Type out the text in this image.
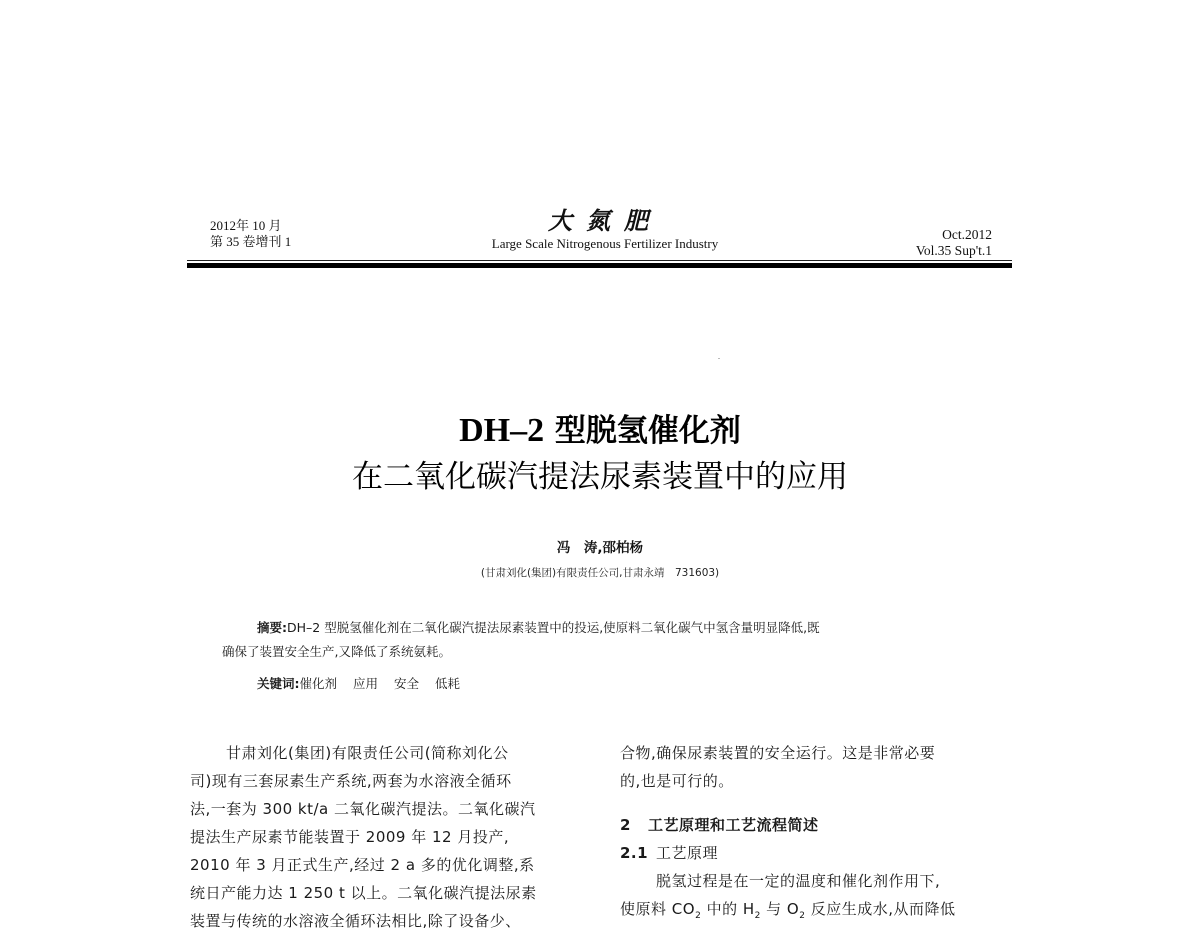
2012年 10 月
第 35 卷增刊 1
大氮肥
Large Scale Nitrogenous Fertilizer Industry
Oct.2012
Vol.35 Sup't.1
DH–2 型脱氢催化剂
在二氧化碳汽提法尿素装置中的应用
冯　涛,邵柏杨
(甘肃刘化(集团)有限责任公司,甘肃永靖　731603)
摘要:DH–2 型脱氢催化剂在二氧化碳汽提法尿素装置中的投运,使原料二氧化碳气中氢含量明显降低,既
确保了装置安全生产,又降低了系统氨耗。
关键词:催化剂 应用 安全 低耗

甘肃刘化(集团)有限责任公司(简称刘化公

司)现有三套尿素生产系统,两套为水溶液全循环

法,一套为 300 kt/a 二氧化碳汽提法。二氧化碳汽

提法生产尿素节能装置于 2009 年 12 月投产,

2010 年 3 月正式生产,经过 2 a 多的优化调整,系

统日产能力达 1 250 t 以上。二氧化碳汽提法尿素

装置与传统的水溶液全循环法相比,除了设备少、

合物,确保尿素装置的安全运行。这是非常必要

的,也是可行的。

2 工艺原理和工艺流程简述

2.1 工艺原理

脱氢过程是在一定的温度和催化剂作用下,

使原料 $CO_2$ 中的 $H_2$ 与 $O_2$ 反应生成水,从而降低
